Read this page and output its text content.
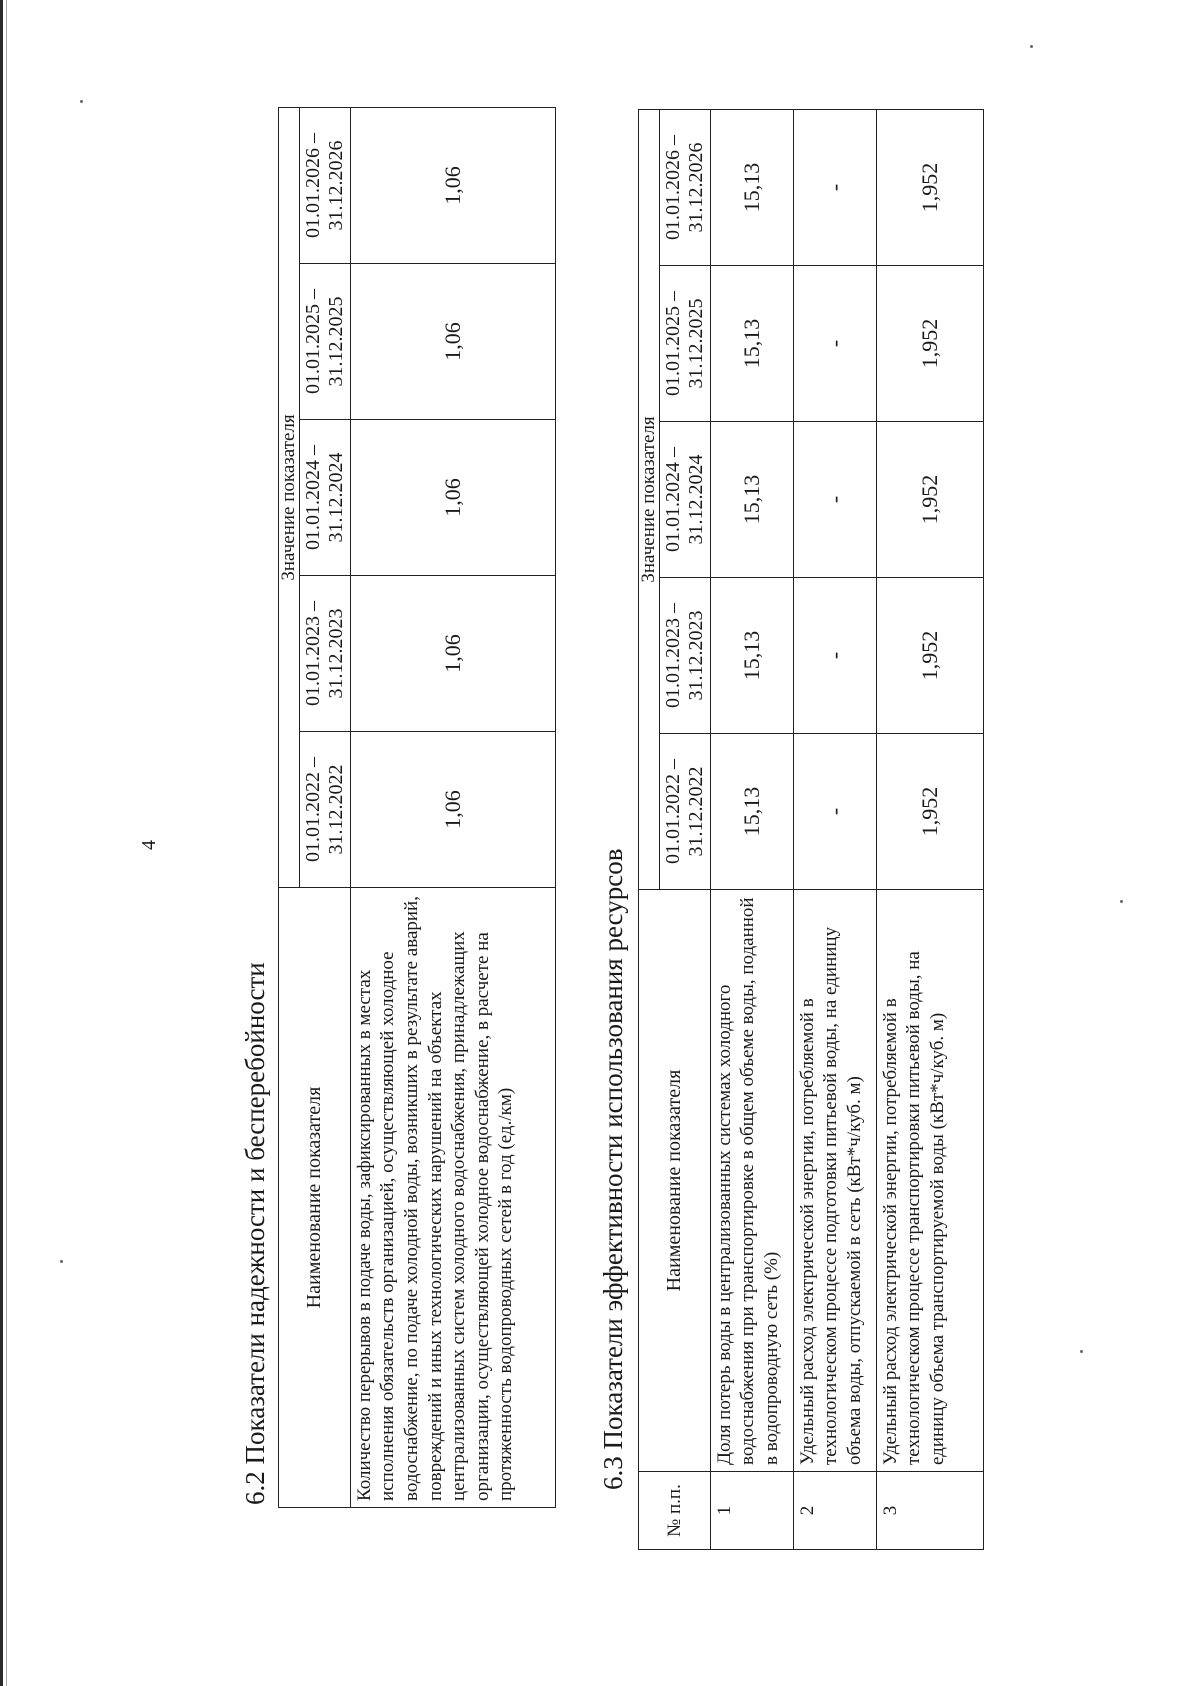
4
6.2 Показатели надежности и бесперебойности Наименование показателя	Значение показателя				
	01.01.2022 – 31.12.2022	01.01.2023 – 31.12.2023	01.01.2024 – 31.12.2024	01.01.2025 – 31.12.2025	01.01.2026 – 31.12.2026
Количество перерывов в подаче воды, зафиксированных в местах исполнения обязательств организацией, осуществляющей холодное водоснабжение, по подаче холодной воды, возникших в результате аварий, повреждений и иных технологических нарушений на объектах централизованных систем холодного водоснабжения, принадлежащих организации, осуществляющей холодное водоснабжение, в расчете на протяженность водопроводных сетей в год (ед./км)	1,06	1,06	1,06	1,06	1,06
6.3 Показатели эффективности использования ресурсов
№ п.п.	Наименование показателя	Значение показателя				
		01.01.2022 – 31.12.2022	01.01.2023 – 31.12.2023	01.01.2024 – 31.12.2024	01.01.2025 – 31.12.2025	01.01.2026 – 31.12.2026
1	Доля потерь воды в централизованных системах холодного водоснабжения при транспортировке в общем объеме воды, поданной в водопроводную сеть (%)	15,13	15,13	15,13	15,13	15,13
2	Удельный расход электрической энергии, потребляемой в технологическом процессе подготовки питьевой воды, на единицу объема воды, отпускаемой в сеть (кВт*ч/куб. м)	-	-	-	-	-
3	Удельный расход электрической энергии, потребляемой в технологическом процессе транспортировки питьевой воды, на единицу объема транспортируемой воды (кВт*ч/куб. м)	1,952	1,952	1,952	1,952	1,952
